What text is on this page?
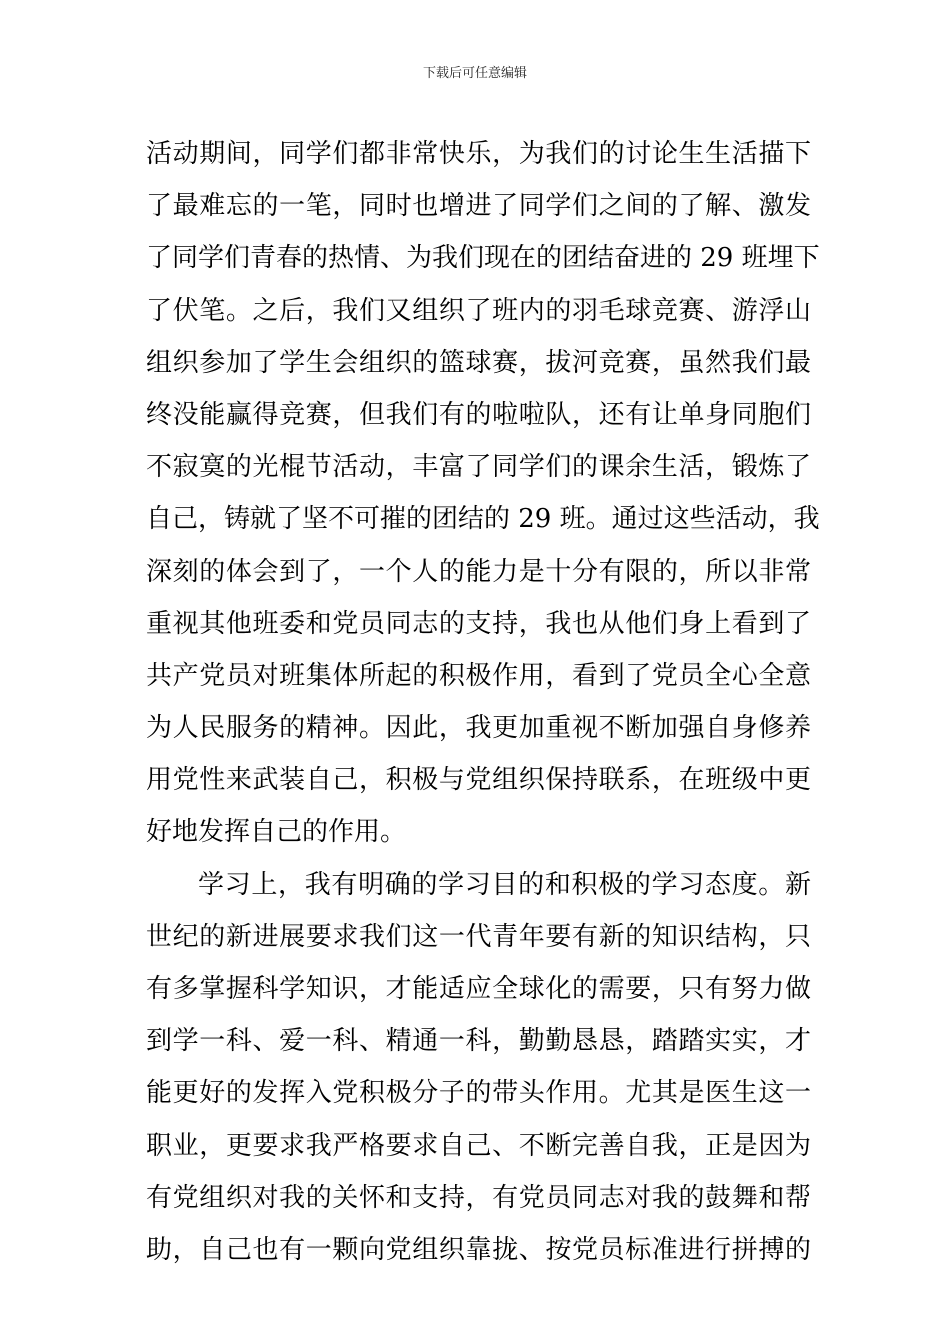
下载后可任意编辑
活动期间，同学们都非常快乐，为我们的讨论生生活描下
了最难忘的一笔，同时也增进了同学们之间的了解、激发
了同学们青春的热情、为我们现在的团结奋进的 29 班埋下
了伏笔。之后，我们又组织了班内的羽毛球竞赛、游浮山
组织参加了学生会组织的篮球赛，拔河竞赛，虽然我们最
终没能赢得竞赛，但我们有的啦啦队，还有让单身同胞们
不寂寞的光棍节活动，丰富了同学们的课余生活，锻炼了
自己，铸就了坚不可摧的团结的 29 班。通过这些活动，我
深刻的体会到了，一个人的能力是十分有限的，所以非常
重视其他班委和党员同志的支持，我也从他们身上看到了
共产党员对班集体所起的积极作用，看到了党员全心全意
为人民服务的精神。因此，我更加重视不断加强自身修养
用党性来武装自己，积极与党组织保持联系，在班级中更
好地发挥自己的作用。
学习上，我有明确的学习目的和积极的学习态度。新
世纪的新进展要求我们这一代青年要有新的知识结构，只
有多掌握科学知识，才能适应全球化的需要，只有努力做
到学一科、爱一科、精通一科，勤勤恳恳，踏踏实实，才
能更好的发挥入党积极分子的带头作用。尤其是医生这一
职业，更要求我严格要求自己、不断完善自我，正是因为
有党组织对我的关怀和支持，有党员同志对我的鼓舞和帮
助，自己也有一颗向党组织靠拢、按党员标准进行拼搏的
